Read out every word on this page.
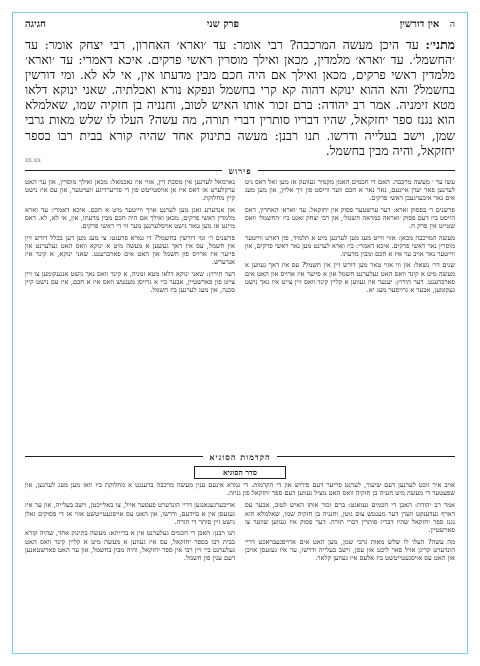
חגיגה	פרק שני	ה   אין דורשין
מתני׳: עד היכן מעשה המרכבה? רבי אומר: עד ׳וארא׳ האחרון, רבי יצחק אומר: עד ׳החשמל׳. עד ׳וארא׳ מלמדין, מכאן ואילך מוסרין ראשי פרקים. איכא דאמרי: עד ׳וארא׳ מלמדין ראשי פרקים, מכאן ואילך אם היה חכם מבין מדעתו אין, אי לא לא. ומי דורשין בחשמל? והא ההוא ינוקא דהוה קא קרי בחשמל ונפקא נורא ואכלתיה. שאני ינוקא דלאו מטא זימניה. אמר רב יהודה: ברם זכור אותו האיש לטוב, וחנניה בן חזקיה שמו, שאלמלא הוא נגנז ספר יחזקאל, שהיו דבריו סותרין דברי תורה, מה עשה? העלו לו שלש מאות גרבי שמן, וישב בעלייה ודרשו. תנו רבנן: מעשה בתינוק אחד שהיה קורא בבית רבו בספר יחזקאל, והיה מבין בחשמל.
XX.XX
פירוש

עשו עד ׳ מעשה מרכבה. האם די חכמים האמן מקמיר געוועק אז מען זאל דאס ניט לערנען פאר יעדן איינעם, נאר נאר א חכם ווער ווייסט פון זיך אליין, און מען מעג אים נאר איבערגעבן ראשי פרקים.

פרשנים ר׳ בפסוק וארא: דער ערשטער פסוק אין יחזקאל. עד ׳וארא׳ האחרון, דאס הייסט ביז דעם פסוק ׳ואראה כמראה חשמל׳, און רבי יצחק זאגט ביז ׳החשמל׳ וואס שטייט אין פרק ח.

מעשה המרכבה מכאן: אזוי ווייט מעג מען לערנען מיט א תלמיד, פון דארט ווייטער מוסרין נאר ראשי פרקים. איכא דאמרי: ביז וארא לערנט מען נאר ראשי פרקים, און ווייטער נאר אויב ער איז א חכם ומבין מדעתו.

שנים דר׳ נשאל: און ווי אזוי טאר מען דורש זיין אין חשמל? עס איז דאך געווען א מעשה מיט א קינד וואס האט געלערנט חשמל און א פייער איז ארויס און האט אים פארברענט. דער תירוץ: יענער איז געווען א קליין קינד וואס זיין צייט איז נאך נישט געקומען, אבער א גרויסער מעג יא.

נארמאל לערנען אין מסכת דין, אזוי איז נאכמאל: מכאן ואילך מוסרין, און ער האט ערקלערט אז דאס איז אן אויסטייטש פון די פריערדיגע ווערטער, און עס איז נישט קיין מחלוקת.

און אנדערע זאגן מען לערנט אויך ווייטער מיט א חכם. איכא דאמרי: עד וארא מלמדין ראשי פרקים, מכאן ואילך אם היה חכם מבין מדעתו, אין, אי לא, לא. דאס מיינט אז מען טאר נישט אויסלערנען מער ווי די ראשי פרקים.

פרשנים ר׳ ומי דורשין בחשמל? די גמרא פרעגט: צי מעג מען דען בכלל דורש זיין אין חשמל, עס איז דאך געשען א מעשה מיט א ינוקא וואס האט געלערנט און פייער איז ארויס פון חשמל און האט אים פארברענט. שאני ינוקא, א קינד איז אנדערש.

דער תירוץ: שאני ינוקא דלאו מטא זמניה, א קינד וואס נאך נישט אנגעקומען צו זיין צייט פון פארשטיין, אבער ביי א גרויסן מענטש וואס איז א חכם, איז עס נישט קיין סכנה, און מעג לערנען ביז חשמל.

הקדמות הסוגיא
סדר הסוגיא
אויב איר זוכט לערנען דעם שיעור, לערנט פריער דעם פירוש און די הקדמות. די גמרא אינעם ענין מעשה מרכבה ברענגט א מחלוקת ביז וואו מען מעג לערנען, און שפעטער די מעשה מיט חנניה בן חזקיה וואס האט מציל געווען דעם ספר יחזקאל פון גניזה.

אמר רב יהודה: האבן די חכמים געזאגט: ברם זכור אותו האיש לטוב, אבער עס דארף געדענקט ווערן דער מענטש צום גוטן, וחנניה בן חזקיה שמו, שאלמלא הוא נגנז ספר יחזקאל שהיו דבריו סותרין דברי תורה. דער פסוק איז געווען שווער צו פארשטיין.

מה עשה? העלו לו שלש מאות גרבי שמן, מען האט אים ארויפגעבראכט דריי הונדערט קריגן אויל פאר ליכט און עסן, וישב בעלייה ודרשו, ער איז געזעסן אויבן און האט עס אויסגעטייטשט ביז אלעס איז געווען קלאר.

אריבערגעגאנגען דריי הונדערט פעסער אויל, צו באלייכטן, וישב בעלייה, און ער איז געזעסן אין א בוידעם, ודרשו, און האט עס אויסגעטייטשט אזוי אז די פסוקים זאלן נישט זיין סותר די תורה.

תנו רבנן: האבן די חכמים געלערנט אין א ברייתא: מעשה בתינוק אחד, שהיה קורא בבית רבו בספר יחזקאל, עס איז געווען א מעשה מיט א קליין קינד וואס האט געלערנט ביי זיין רבי אין ספר יחזקאל, והיה מבין בחשמל, און ער האט פארשטאנען דעם ענין פון חשמל.
